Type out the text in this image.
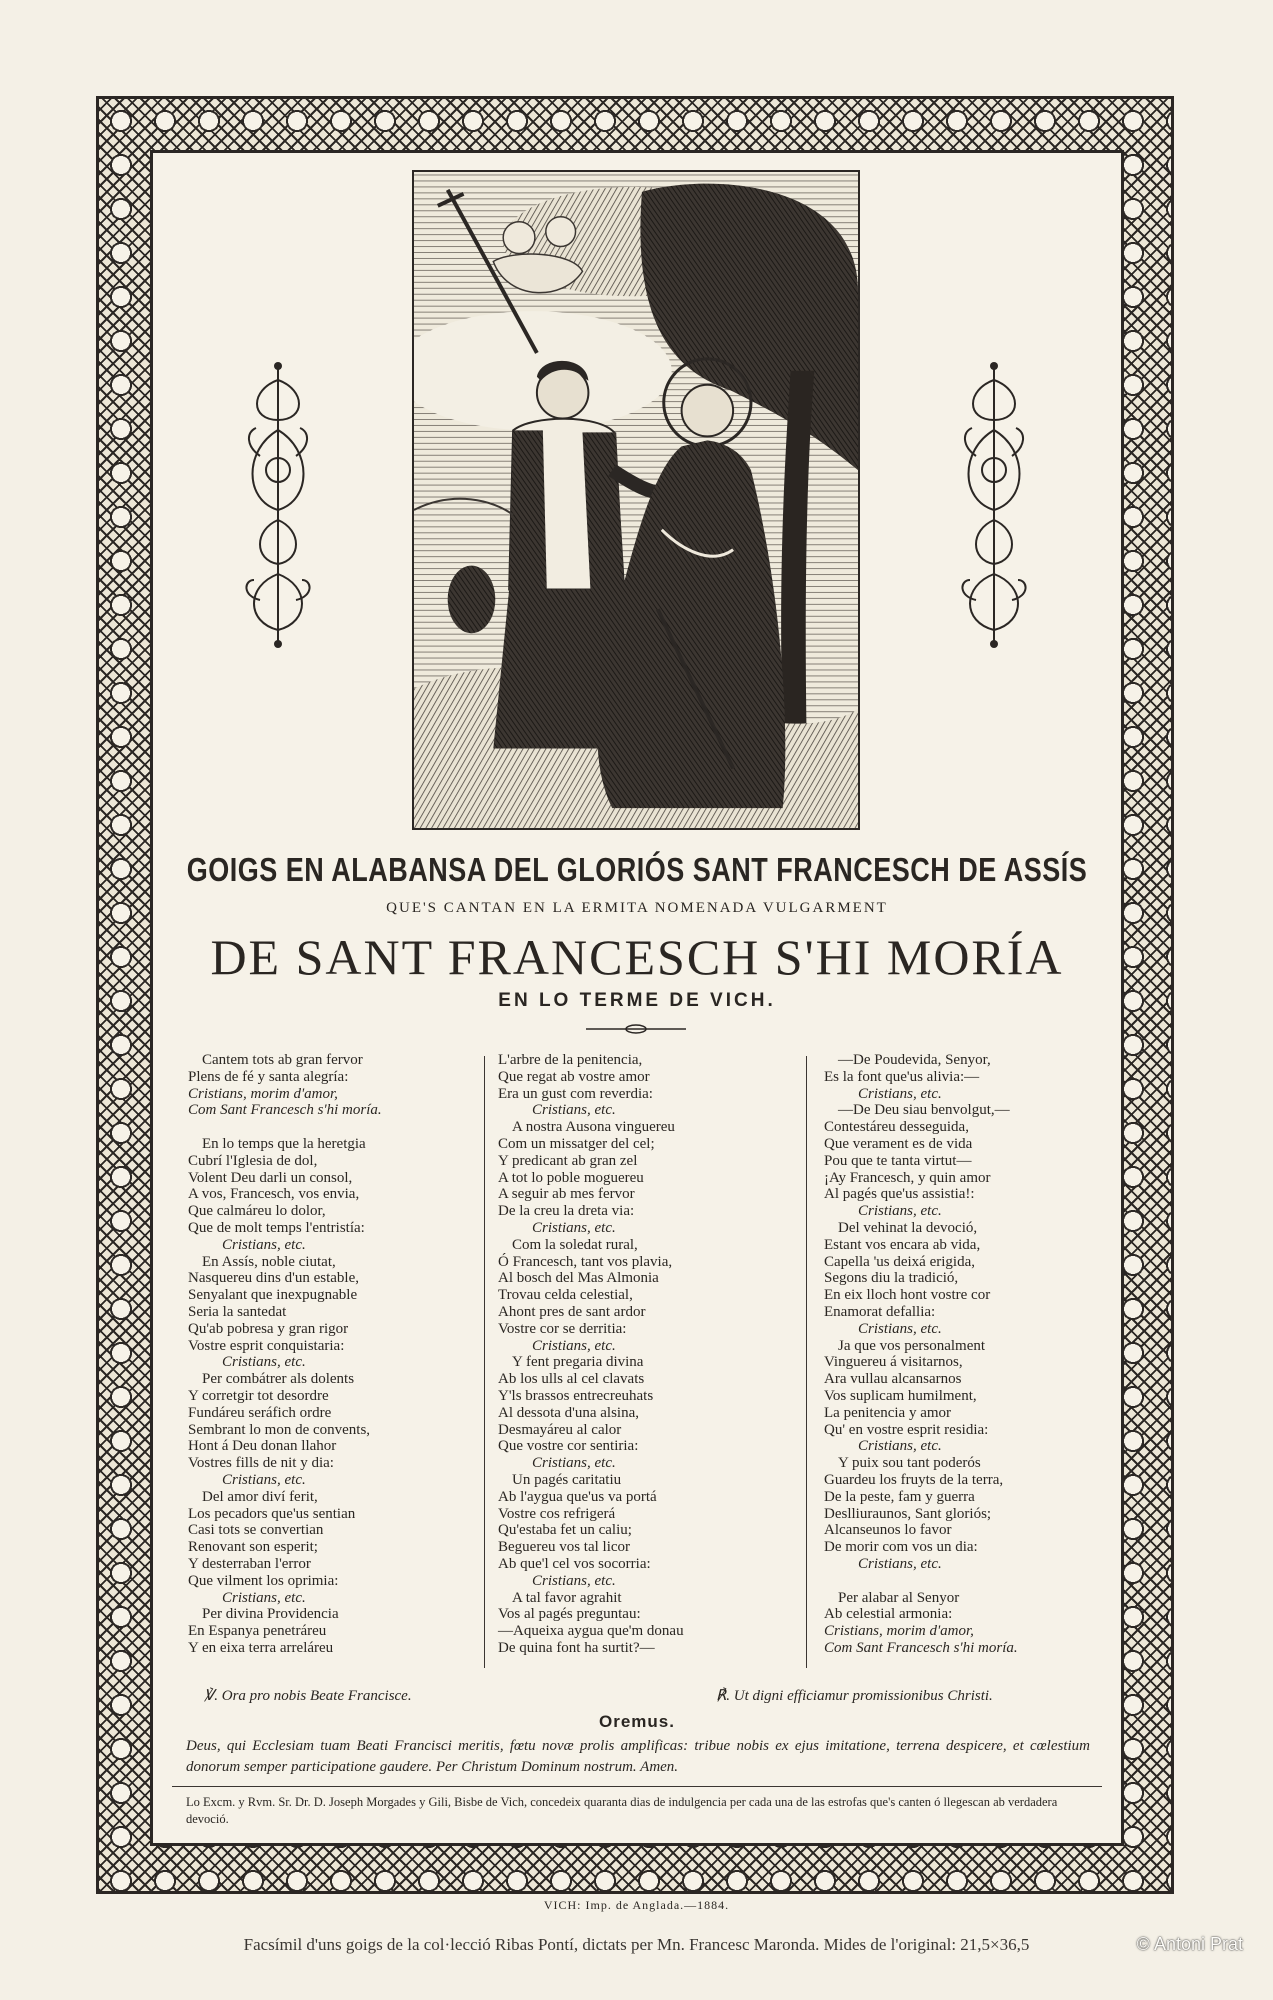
GOIGS EN ALABANSA DEL GLORIÓS SANT FRANCESCH DE ASSÍS
QUE'S CANTAN EN LA ERMITA NOMENADA VULGARMENT
DE SANT FRANCESCH S'HI MORÍA
EN LO TERME DE VICH.
Cantem tots ab gran fervor
Plens de fé y santa alegría:
Cristians, morim d'amor,
Com Sant Francesch s'hi moría.

En lo temps que la heretgia
Cubrí l'Iglesia de dol,
Volent Deu darli un consol,
A vos, Francesch, vos envia,
Que calmáreu lo dolor,
Que de molt temps l'entristía:
Cristians, etc.
En Assís, noble ciutat,
Nasquereu dins d'un estable,
Senyalant que inexpugnable
Seria la santedat
Qu'ab pobresa y gran rigor
Vostre esprit conquistaria:
Cristians, etc.
Per combátrer als dolents
Y corretgir tot desordre
Fundáreu seráfich ordre
Sembrant lo mon de convents,
Hont á Deu donan llahor
Vostres fills de nit y dia:
Cristians, etc.
Del amor diví ferit,
Los pecadors que'us sentian
Casi tots se convertian
Renovant son esperit;
Y desterraban l'error
Que vilment los oprimia:
Cristians, etc.
Per divina Providencia
En Espanya penetráreu
Y en eixa terra arreláreu
L'arbre de la penitencia,
Que regat ab vostre amor
Era un gust com reverdia:
Cristians, etc.
A nostra Ausona vinguereu
Com un missatger del cel;
Y predicant ab gran zel
A tot lo poble moguereu
A seguir ab mes fervor
De la creu la dreta via:
Cristians, etc.
Com la soledat rural,
Ó Francesch, tant vos plavia,
Al bosch del Mas Almonia
Trovau celda celestial,
Ahont pres de sant ardor
Vostre cor se derritia:
Cristians, etc.
Y fent pregaria divina
Ab los ulls al cel clavats
Y'ls brassos entrecreuhats
Al dessota d'una alsina,
Desmayáreu al calor
Que vostre cor sentiria:
Cristians, etc.
Un pagés caritatiu
Ab l'aygua que'us va portá
Vostre cos refrigerá
Qu'estaba fet un caliu;
Beguereu vos tal licor
Ab que'l cel vos socorria:
Cristians, etc.
A tal favor agrahit
Vos al pagés preguntau:
—Aqueixa aygua que'm donau
De quina font ha surtit?—
—De Poudevida, Senyor,
Es la font que'us alivia:—
Cristians, etc.
—De Deu siau benvolgut,—
Contestáreu desseguida,
Que verament es de vida
Pou que te tanta virtut—
¡Ay Francesch, y quin amor
Al pagés que'us assistia!:
Cristians, etc.
Del vehinat la devoció,
Estant vos encara ab vida,
Capella 'us deixá erigida,
Segons diu la tradició,
En eix lloch hont vostre cor
Enamorat defallia:
Cristians, etc.
Ja que vos personalment
Vinguereu á visitarnos,
Ara vullau alcansarnos
Vos suplicam humilment,
La penitencia y amor
Qu' en vostre esprit residia:
Cristians, etc.
Y puix sou tant poderós
Guardeu los fruyts de la terra,
De la peste, fam y guerra
Deslliuraunos, Sant gloriós;
Alcanseunos lo favor
De morir com vos un dia:
Cristians, etc.

Per alabar al Senyor
Ab celestial armonia:
Cristians, morim d'amor,
Com Sant Francesch s'hi moría.
℣. Ora pro nobis Beate Francisce.	℟. Ut digni efficiamur promissionibus Christi.
Oremus.
Deus, qui Ecclesiam tuam Beati Francisci meritis, fœtu novæ prolis amplificas: tribue nobis ex ejus imitatione, terrena despicere, et cœlestium donorum semper participatione gaudere. Per Christum Dominum nostrum. Amen.
Lo Excm. y Rvm. Sr. Dr. D. Joseph Morgades y Gili, Bisbe de Vich, concedeix quaranta dias de indulgencia per cada una de las estrofas que's canten ó llegescan ab verdadera devoció.
VICH: Imp. de Anglada.—1884.
Facsímil d'uns goigs de la col·lecció Ribas Pontí, dictats per Mn. Francesc Maronda. Mides de l'original: 21,5×36,5	© Antoni Prat
